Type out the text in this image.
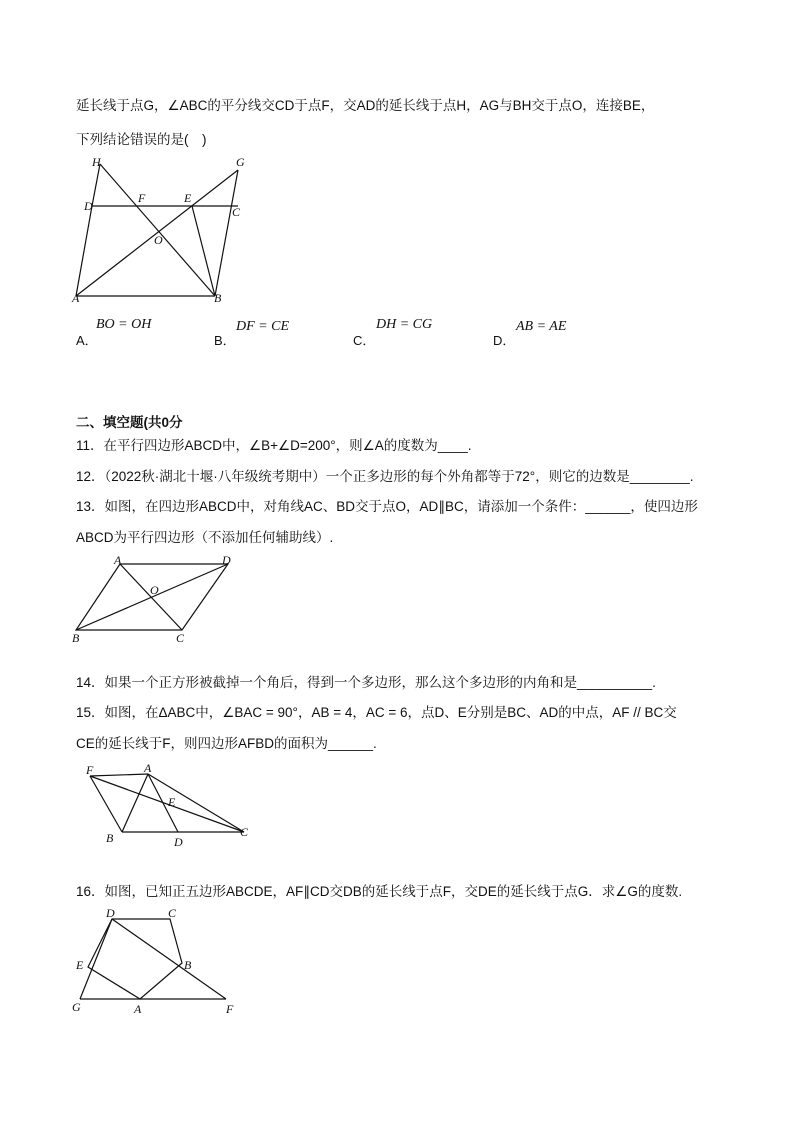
延长线于点G，∠ABC的平分线交CD于点F，交AD的延长线于点H，AG与BH交于点O，连接BE，
下列结论错误的是(　)
H	G
D
F	E
C
O
A	B
A．
BO = OH
B．
DF = CE
C．
DH = CG
D．
AB = AE
二、填空题(共0分
11．在平行四边形ABCD中，∠B+∠D=200°，则∠A的度数为____.
12．（2022秋·湖北十堰·八年级统考期中）一个正多边形的每个外角都等于72°，则它的边数是________.
13．如图，在四边形ABCD中，对角线AC、BD交于点O，AD∥BC，请添加一个条件：______，使四边形
ABCD为平行四边形（不添加任何辅助线）.
A	D
O
B	C
14．如果一个正方形被截掉一个角后，得到一个多边形，那么这个多边形的内角和是__________.
15．如图，在ΔABC中，∠BAC = 90°，AB = 4，AC = 6，点D、E分别是BC、AD的中点，AF // BC交
CE的延长线于F，则四边形AFBD的面积为______.
F	A
E
B	D
C
16．如图，已知正五边形ABCDE，AF∥CD交DB的延长线于点F，交DE的延长线于点G．求∠G的度数.
D	C
E	B
G	A	F
